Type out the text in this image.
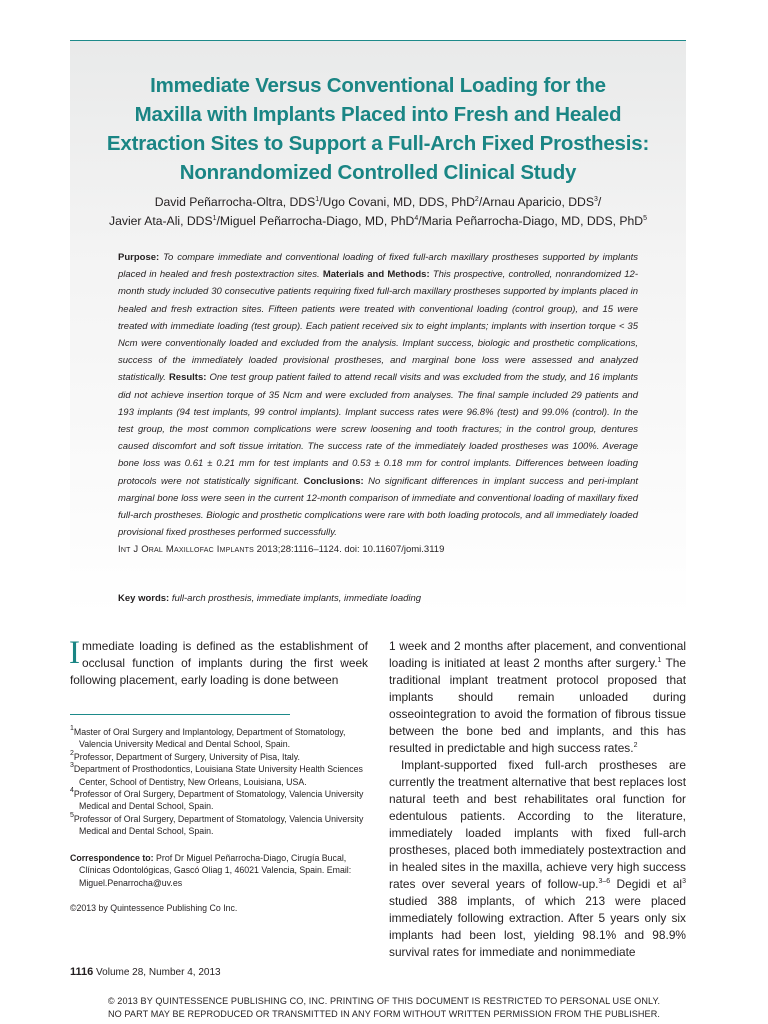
Immediate Versus Conventional Loading for the
Maxilla with Implants Placed into Fresh and Healed
Extraction Sites to Support a Full-Arch Fixed Prosthesis:
Nonrandomized Controlled Clinical Study

David Peñarrocha-Oltra, DDS$^1$/Ugo Covani, MD, DDS, PhD$^2$/Arnau Aparicio, DDS$^3$/
Javier Ata-Ali, DDS$^1$/Miguel Peñarrocha-Diago, MD, PhD$^4$/Maria Peñarrocha-Diago, MD, DDS, PhD$^5$

Purpose: To compare immediate and conventional loading of fixed full-arch maxillary prostheses supported by implants placed in healed and fresh postextraction sites. Materials and Methods: This prospective, controlled, nonrandomized 12-month study included 30 consecutive patients requiring fixed full-arch maxillary prostheses supported by implants placed in healed and fresh extraction sites. Fifteen patients were treated with conventional loading (control group), and 15 were treated with immediate loading (test group). Each patient received six to eight implants; implants with insertion torque < 35 Ncm were conventionally loaded and excluded from the analysis. Implant success, biologic and prosthetic complications, success of the immediately loaded provisional prostheses, and marginal bone loss were assessed and analyzed statistically. Results: One test group patient failed to attend recall visits and was excluded from the study, and 16 implants did not achieve insertion torque of 35 Ncm and were excluded from analyses. The final sample included 29 patients and 193 implants (94 test implants, 99 control implants). Implant success rates were 96.8% (test) and 99.0% (control). In the test group, the most common complications were screw loosening and tooth fractures; in the control group, dentures caused discomfort and soft tissue irritation. The success rate of the immediately loaded prostheses was 100%. Average bone loss was 0.61 ± 0.21 mm for test implants and 0.53 ± 0.18 mm for control implants. Differences between loading protocols were not statistically significant. Conclusions: No significant differences in implant success and peri-implant marginal bone loss were seen in the current 12-month comparison of immediate and conventional loading of maxillary fixed full-arch prostheses. Biologic and prosthetic complications were rare with both loading protocols, and all immediately loaded provisional fixed prostheses performed successfully.
Int J Oral Maxillofac Implants 2013;28:1116–1124. doi: 10.11607/jomi.3119

Key words: full-arch prosthesis, immediate implants, immediate loading

Immediate loading is defined as the establishment of occlusal function of implants during the first week following placement, early loading is done between

$^1$Master of Oral Surgery and Implantology, Department of Stomatology, Valencia University Medical and Dental School, Spain.

$^2$Professor, Department of Surgery, University of Pisa, Italy.

$^3$Department of Prosthodontics, Louisiana State University Health Sciences Center, School of Dentistry, New Orleans, Louisiana, USA.

$^4$Professor of Oral Surgery, Department of Stomatology, Valencia University Medical and Dental School, Spain.

$^5$Professor of Oral Surgery, Department of Stomatology, Valencia University Medical and Dental School, Spain.

Correspondence to: Prof Dr Miguel Peñarrocha-Diago, Cirugía Bucal, Clínicas Odontológicas, Gascó Oliag 1, 46021 Valencia, Spain. Email: Miguel.Penarrocha@uv.es

©2013 by Quintessence Publishing Co Inc.

1 week and 2 months after placement, and conventional loading is initiated at least 2 months after surgery.$^1$ The traditional implant treatment protocol proposed that implants should remain unloaded during osseointegration to avoid the formation of fibrous tissue between the bone bed and implants, and this has resulted in predictable and high success rates.$^2$

Implant-supported fixed full-arch prostheses are currently the treatment alternative that best replaces lost natural teeth and best rehabilitates oral function for edentulous patients. According to the literature, immediately loaded implants with fixed full-arch prostheses, placed both immediately postextraction and in healed sites in the maxilla, achieve very high success rates over several years of follow-up.$^{3-6}$ Degidi et $al^3$ studied 388 implants, of which 213 were placed immediately following extraction. After 5 years only six implants had been lost, yielding 98.1% and 98.9% survival rates for immediate and nonimmediate

1116 Volume 28, Number 4, 2013
© 2013 BY QUINTESSENCE PUBLISHING CO, INC. PRINTING OF THIS DOCUMENT IS RESTRICTED TO PERSONAL USE ONLY.
NO PART MAY BE REPRODUCED OR TRANSMITTED IN ANY FORM WITHOUT WRITTEN PERMISSION FROM THE PUBLISHER.
